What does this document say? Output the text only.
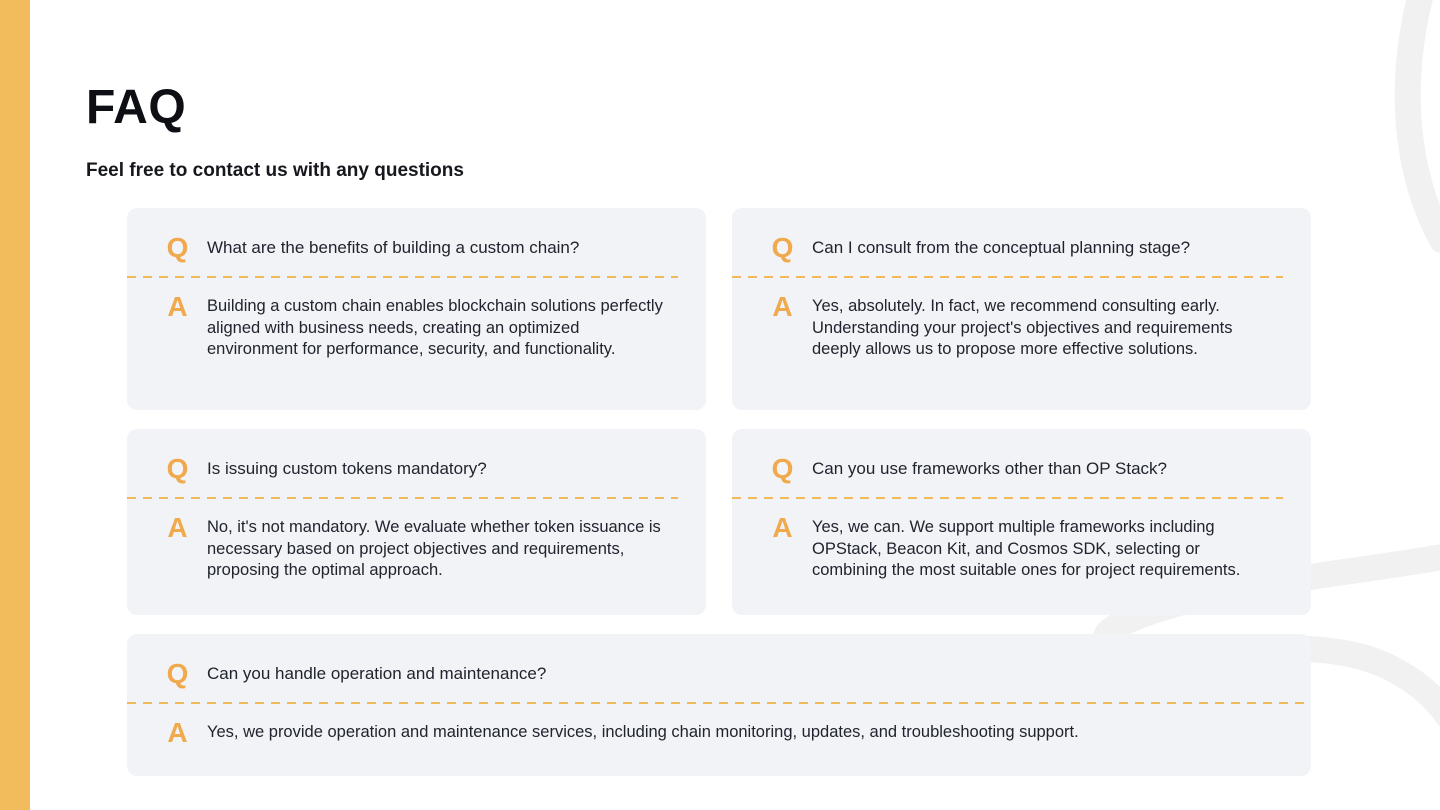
FAQ
Feel free to contact us with any questions
Q What are the benefits of building a custom chain?
A Building a custom chain enables blockchain solutions perfectly aligned with business needs, creating an optimized environment for performance, security, and functionality.
Q Can I consult from the conceptual planning stage?
A Yes, absolutely. In fact, we recommend consulting early. Understanding your project's objectives and requirements deeply allows us to propose more effective solutions.
Q Is issuing custom tokens mandatory?
A No, it's not mandatory. We evaluate whether token issuance is necessary based on project objectives and requirements, proposing the optimal approach.
Q Can you use frameworks other than OP Stack?
A Yes, we can. We support multiple frameworks including OPStack, Beacon Kit, and Cosmos SDK, selecting or combining the most suitable ones for project requirements.
Q Can you handle operation and maintenance?
A Yes, we provide operation and maintenance services, including chain monitoring, updates, and troubleshooting support.
